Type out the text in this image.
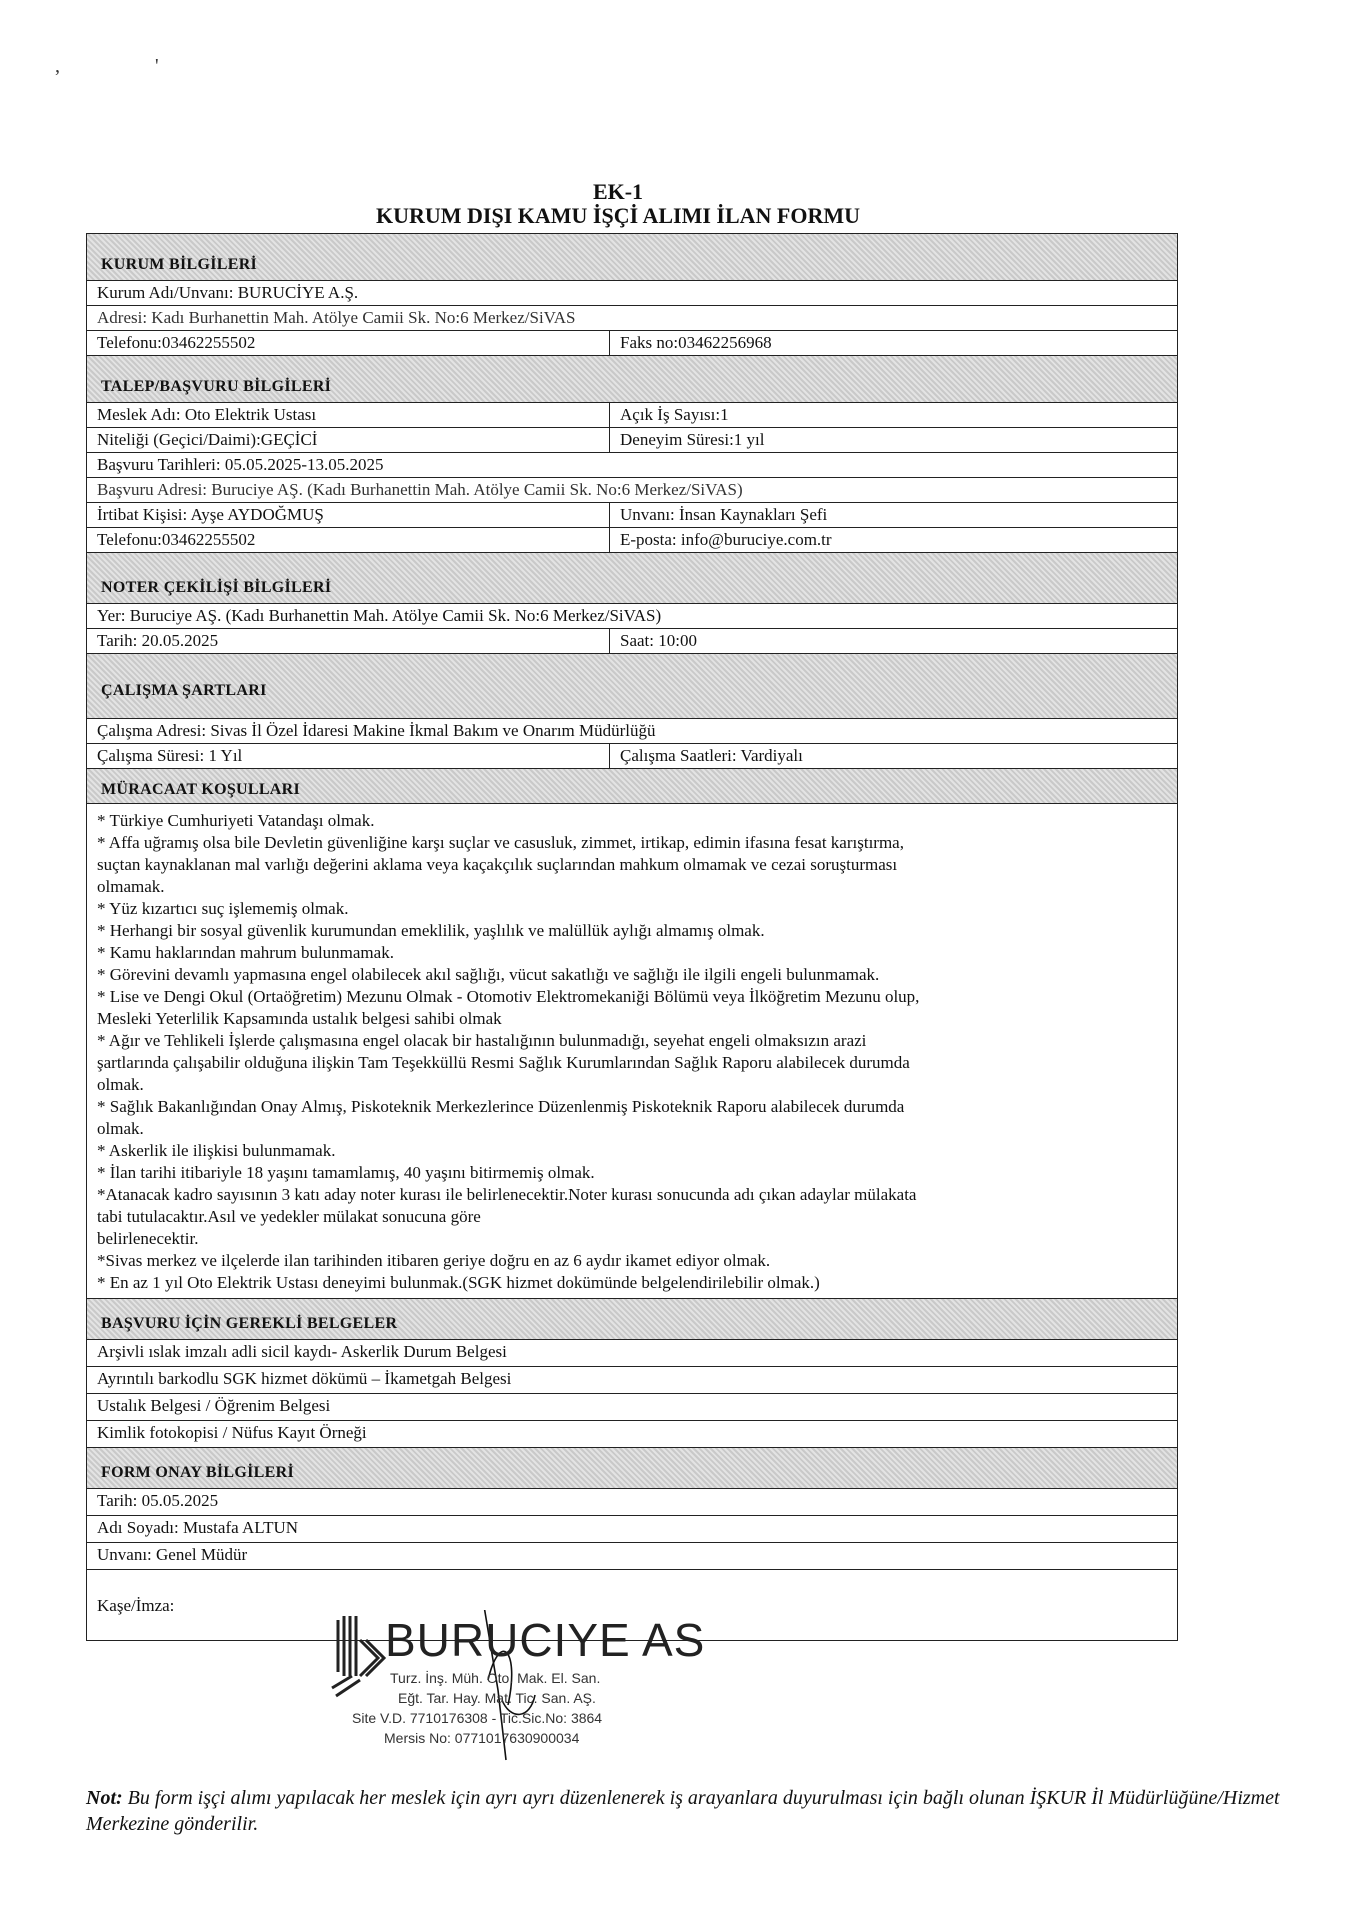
,                   '
EK-1
KURUM DIŞI KAMU İŞÇİ ALIMI İLAN FORMU
KURUM BİLGİLERİ
Kurum Adı/Unvanı: BURUCİYE A.Ş.
Adresi: Kadı Burhanettin Mah. Atölye Camii Sk. No:6 Merkez/SiVAS
Telefonu:03462255502	Faks no:03462256968
TALEP/BAŞVURU BİLGİLERİ
Meslek Adı: Oto Elektrik Ustası	Açık İş Sayısı:1
Niteliği (Geçici/Daimi):GEÇİCİ	Deneyim Süresi:1 yıl
Başvuru Tarihleri: 05.05.2025-13.05.2025
Başvuru Adresi: Buruciye AŞ. (Kadı Burhanettin Mah. Atölye Camii Sk. No:6 Merkez/SiVAS)
İrtibat Kişisi: Ayşe AYDOĞMUŞ	Unvanı: İnsan Kaynakları Şefi
Telefonu:03462255502	E-posta: info@buruciye.com.tr
NOTER ÇEKİLİŞİ BİLGİLERİ
Yer: Buruciye AŞ. (Kadı Burhanettin Mah. Atölye Camii Sk. No:6 Merkez/SiVAS)
Tarih: 20.05.2025	Saat: 10:00
ÇALIŞMA ŞARTLARI
Çalışma Adresi: Sivas İl Özel İdaresi Makine İkmal Bakım ve Onarım Müdürlüğü
Çalışma Süresi: 1 Yıl	Çalışma Saatleri: Vardiyalı
MÜRACAAT KOŞULLARI

* Türkiye Cumhuriyeti Vatandaşı olmak.

* Affa uğramış olsa bile Devletin güvenliğine karşı suçlar ve casusluk, zimmet, irtikap, edimin ifasına fesat karıştırma,

suçtan kaynaklanan mal varlığı değerini aklama veya kaçakçılık suçlarından mahkum olmamak ve cezai soruşturması

olmamak.

* Yüz kızartıcı suç işlememiş olmak.

* Herhangi bir sosyal güvenlik kurumundan emeklilik, yaşlılık ve malüllük aylığı almamış olmak.

* Kamu haklarından mahrum bulunmamak.

* Görevini devamlı yapmasına engel olabilecek akıl sağlığı, vücut sakatlığı ve sağlığı ile ilgili engeli bulunmamak.

* Lise ve Dengi Okul (Ortaöğretim) Mezunu Olmak - Otomotiv Elektromekaniği Bölümü veya İlköğretim Mezunu olup,

Mesleki Yeterlilik Kapsamında ustalık belgesi sahibi olmak

* Ağır ve Tehlikeli İşlerde çalışmasına engel olacak bir hastalığının bulunmadığı, seyehat engeli olmaksızın arazi

şartlarında çalışabilir olduğuna ilişkin Tam Teşekküllü Resmi Sağlık Kurumlarından Sağlık Raporu alabilecek durumda

olmak.

* Sağlık Bakanlığından Onay Almış, Piskoteknik Merkezlerince Düzenlenmiş Piskoteknik Raporu alabilecek durumda

olmak.

* Askerlik ile ilişkisi bulunmamak.

* İlan tarihi itibariyle 18 yaşını tamamlamış, 40 yaşını bitirmemiş olmak.

*Atanacak kadro sayısının 3 katı aday noter kurası ile belirlenecektir.Noter kurası sonucunda adı çıkan adaylar mülakata

tabi tutulacaktır.Asıl ve yedekler mülakat sonucuna göre

belirlenecektir.

*Sivas merkez ve ilçelerde ilan tarihinden itibaren geriye doğru en az 6 aydır ikamet ediyor olmak.

* En az 1 yıl Oto Elektrik Ustası deneyimi bulunmak.(SGK hizmet dokümünde belgelendirilebilir olmak.)

BAŞVURU İÇİN GEREKLİ BELGELER
Arşivli ıslak imzalı adli sicil kaydı- Askerlik Durum Belgesi
Ayrıntılı barkodlu SGK hizmet dökümü – İkametgah Belgesi
Ustalık Belgesi / Öğrenim Belgesi
Kimlik fotokopisi / Nüfus Kayıt Örneği
FORM ONAY BİLGİLERİ
Tarih: 05.05.2025
Adı Soyadı: Mustafa ALTUN
Unvanı: Genel Müdür
Kaşe/İmza:
BURUCIYE AS
Turz. İnş. Müh. Oto. Mak. El. San.
Eğt. Tar. Hay. Mat. Tic. San. AŞ.
Site V.D. 7710176308 - Tic.Sic.No: 3864
Mersis No: 0771017630900034
Not: Bu form işçi alımı yapılacak her meslek için ayrı ayrı düzenlenerek iş arayanlara duyurulması için bağlı olunan İŞKUR İl Müdürlüğüne/Hizmet Merkezine gönderilir.
